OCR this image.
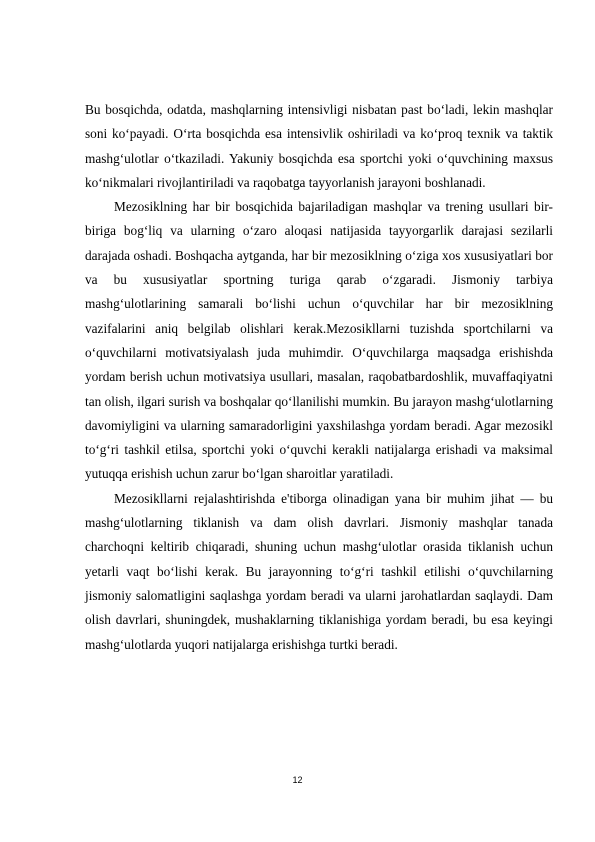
Bu bosqichda, odatda, mashqlarning intensivligi nisbatan past bo‘ladi, lekin mashqlar soni ko‘payadi. O‘rta bosqichda esa intensivlik oshiriladi va ko‘proq texnik va taktik mashg‘ulotlar o‘tkaziladi. Yakuniy bosqichda esa sportchi yoki o‘quvchining maxsus ko‘nikmalari rivojlantiriladi va raqobatga tayyorlanish jarayoni boshlanadi.

Mezosiklning har bir bosqichida bajariladigan mashqlar va trening usullari bir-biriga bog‘liq va ularning o‘zaro aloqasi natijasida tayyorgarlik darajasi sezilarli darajada oshadi. Boshqacha aytganda, har bir mezosiklning o‘ziga xos xususiyatlari bor va bu xususiyatlar sportning turiga qarab o‘zgaradi. Jismoniy tarbiya mashg‘ulotlarining samarali bo‘lishi uchun o‘quvchilar har bir mezosiklning vazifalarini aniq belgilab olishlari kerak.Mezosikllarni tuzishda sportchilarni va o‘quvchilarni motivatsiyalash juda muhimdir. O‘quvchilarga maqsadga erishishda yordam berish uchun motivatsiya usullari, masalan, raqobatbardoshlik, muvaffaqiyatni tan olish, ilgari surish va boshqalar qo‘llanilishi mumkin. Bu jarayon mashg‘ulotlarning davomiyligini va ularning samaradorligini yaxshilashga yordam beradi. Agar mezosikl to‘g‘ri tashkil etilsa, sportchi yoki o‘quvchi kerakli natijalarga erishadi va maksimal yutuqqa erishish uchun zarur bo‘lgan sharoitlar yaratiladi.

Mezosikllarni rejalashtirishda e'tiborga olinadigan yana bir muhim jihat — bu mashg‘ulotlarning tiklanish va dam olish davrlari. Jismoniy mashqlar tanada charchoqni keltirib chiqaradi, shuning uchun mashg‘ulotlar orasida tiklanish uchun yetarli vaqt bo‘lishi kerak. Bu jarayonning to‘g‘ri tashkil etilishi o‘quvchilarning jismoniy salomatligini saqlashga yordam beradi va ularni jarohatlardan saqlaydi. Dam olish davrlari, shuningdek, mushaklarning tiklanishiga yordam beradi, bu esa keyingi mashg‘ulotlarda yuqori natijalarga erishishga turtki beradi.

12
